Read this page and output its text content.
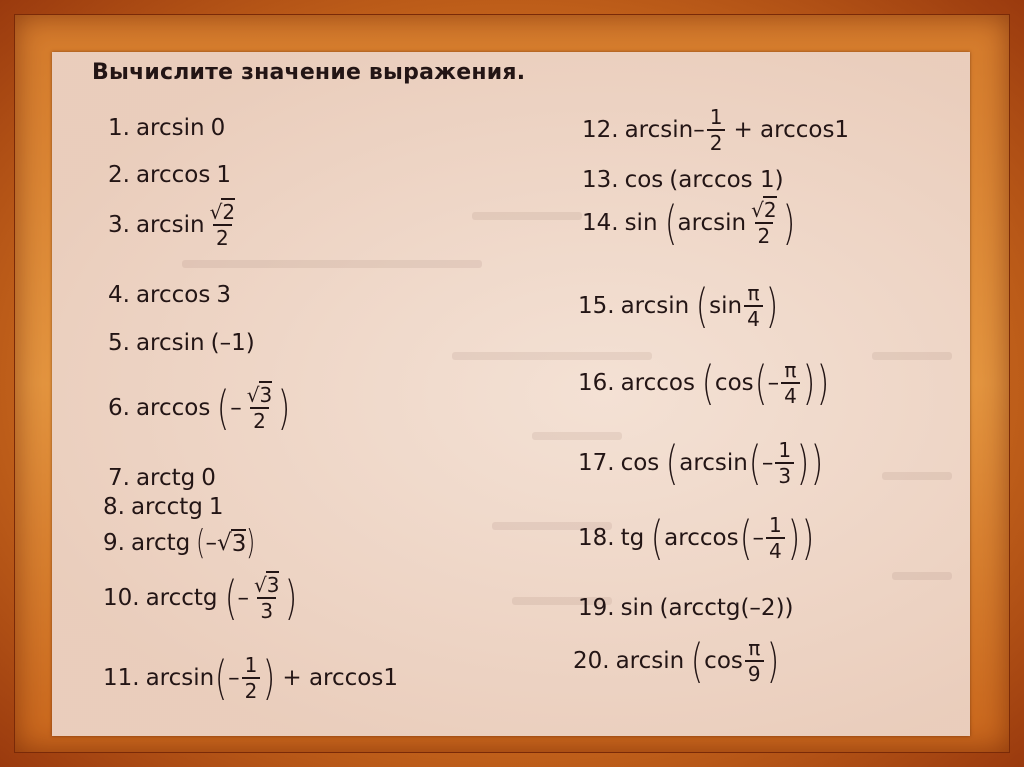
Вычислите значение выражения.
1. arcsin 0
2. arccos 1
3. $\arcsin \frac{√2}{2}$
4. arccos 3
5. arcsin (–1)
6. arccos ( – $\frac{√3}{2}$ )
7. arctg 0
8. arcctg 1
9. arctg ( – √ 3 )
10. arcctg ( – $\frac{√3}{3}$ )
11. arcsin ( – $\frac{1}{2}$ ) + arccos1
12. $\arcsin - \frac{1}{2} + \arccos 1$
13. cos (arccos 1)
14. sin ( $\arcsin \frac{√2}{2}$ )
15. arcsin ( $\sin \frac{\pi}{4}$ )
16. arccos ( cos ( – $\frac{\pi}{4}$ ) )
17. cos ( arcsin ( – $\frac{1}{3}$ ) )
18. tg ( arccos ( – $\frac{1}{4}$ ) )
19. sin (arcctg(–2))
20. arcsin ( $\cos \frac{\pi}{9}$ )
